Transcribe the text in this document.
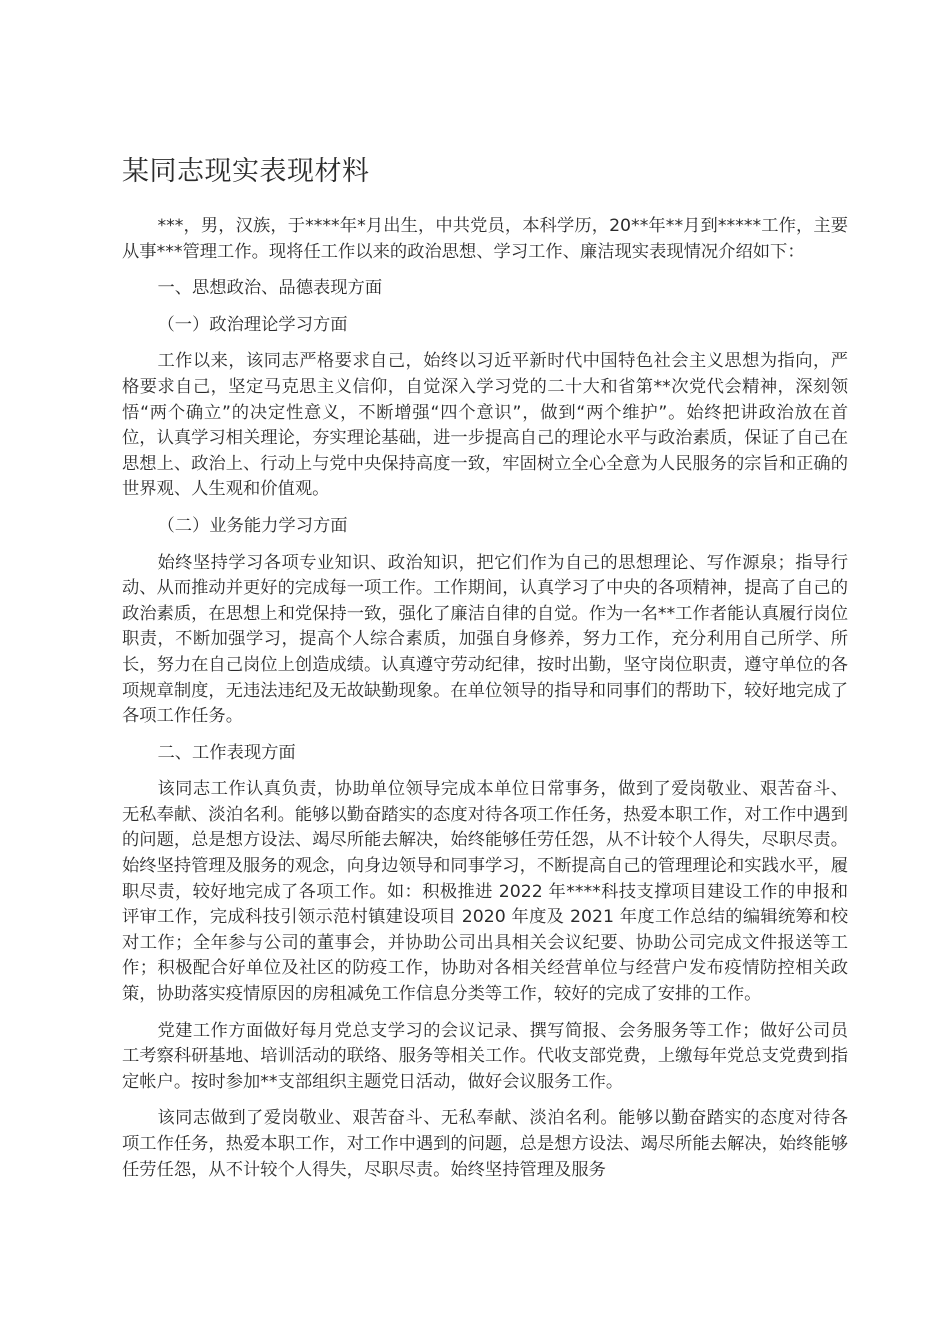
某同志现实表现材料

***，男，汉族，于****年*月出生，中共党员，本科学历，20**年**月到*****工作，主要从事***管理工作。现将任工作以来的政治思想、学习工作、廉洁现实表现情况介绍如下：

一、思想政治、品德表现方面

（一）政治理论学习方面

工作以来，该同志严格要求自己，始终以习近平新时代中国特色社会主义思想为指向，严格要求自己，坚定马克思主义信仰，自觉深入学习党的二十大和省第**次党代会精神，深刻领悟“两个确立”的决定性意义，不断增强“四个意识”，做到“两个维护”。始终把讲政治放在首位，认真学习相关理论，夯实理论基础，进一步提高自己的理论水平与政治素质，保证了自己在思想上、政治上、行动上与党中央保持高度一致，牢固树立全心全意为人民服务的宗旨和正确的世界观、人生观和价值观。

（二）业务能力学习方面

始终坚持学习各项专业知识、政治知识，把它们作为自己的思想理论、写作源泉；指导行动、从而推动并更好的完成每一项工作。工作期间，认真学习了中央的各项精神，提高了自己的政治素质，在思想上和党保持一致，强化了廉洁自律的自觉。作为一名**工作者能认真履行岗位职责，不断加强学习，提高个人综合素质，加强自身修养，努力工作，充分利用自己所学、所长，努力在自己岗位上创造成绩。认真遵守劳动纪律，按时出勤，坚守岗位职责，遵守单位的各项规章制度，无违法违纪及无故缺勤现象。在单位领导的指导和同事们的帮助下，较好地完成了各项工作任务。

二、工作表现方面

该同志工作认真负责，协助单位领导完成本单位日常事务，做到了爱岗敬业、艰苦奋斗、无私奉献、淡泊名利。能够以勤奋踏实的态度对待各项工作任务，热爱本职工作，对工作中遇到的问题，总是想方设法、竭尽所能去解决，始终能够任劳任怨，从不计较个人得失，尽职尽责。始终坚持管理及服务的观念，向身边领导和同事学习，不断提高自己的管理理论和实践水平，履职尽责，较好地完成了各项工作。如：积极推进 2022 年****科技支撑项目建设工作的申报和评审工作，完成科技引领示范村镇建设项目 2020 年度及 2021 年度工作总结的编辑统筹和校对工作；全年参与公司的董事会，并协助公司出具相关会议纪要、协助公司完成文件报送等工作；积极配合好单位及社区的防疫工作，协助对各相关经营单位与经营户发布疫情防控相关政策，协助落实疫情原因的房租减免工作信息分类等工作，较好的完成了安排的工作。

党建工作方面做好每月党总支学习的会议记录、撰写简报、会务服务等工作；做好公司员工考察科研基地、培训活动的联络、服务等相关工作。代收支部党费，上缴每年党总支党费到指定帐户。按时参加**支部组织主题党日活动，做好会议服务工作。

该同志做到了爱岗敬业、艰苦奋斗、无私奉献、淡泊名利。能够以勤奋踏实的态度对待各项工作任务，热爱本职工作，对工作中遇到的问题，总是想方设法、竭尽所能去解决，始终能够任劳任怨，从不计较个人得失，尽职尽责。始终坚持管理及服务
